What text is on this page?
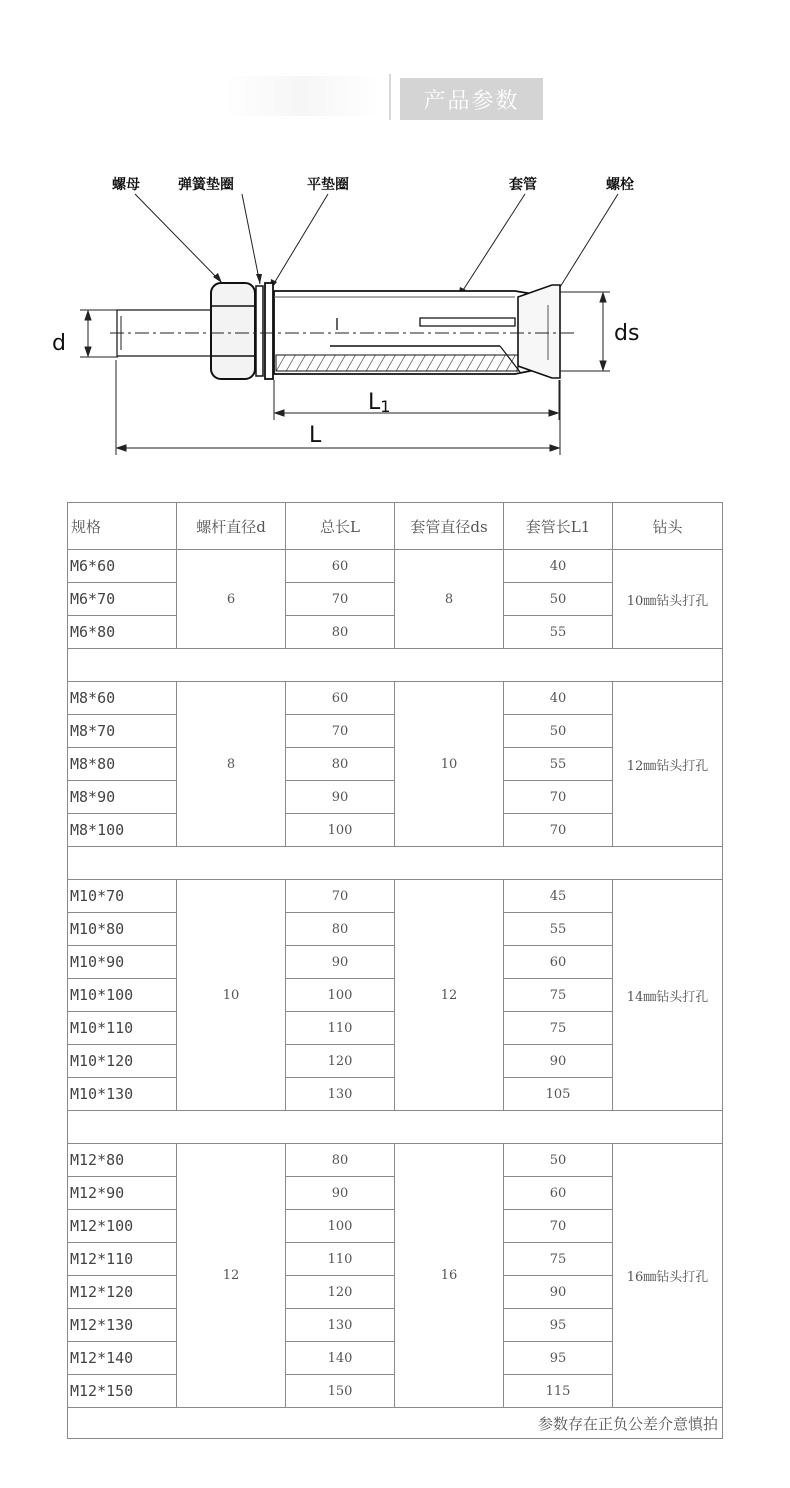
产品参数
螺母	弹簧垫圈	平垫圈	套管	螺栓
d	ds
L1
L
规格	螺杆直径d	总长L	套管直径ds	套管长L1	钻头
M6*60	6	60	8	40	10㎜钻头打孔
M6*70		70		50	
M6*80		80		55	

M8*60	8	60	10	40	12㎜钻头打孔
M8*70		70		50	
M8*80		80		55	
M8*90		90		70	
M8*100		100		70	

M10*70	10	70	12	45	14㎜钻头打孔
M10*80		80		55	
M10*90		90		60	
M10*100		100		75	
M10*110		110		75	
M10*120		120		90	
M10*130		130		105	

M12*80	12	80	16	50	16㎜钻头打孔
M12*90		90		60	
M12*100		100		70	
M12*110		110		75	
M12*120		120		90	
M12*130		130		95	
M12*140		140		95	
M12*150		150		115	
参数存在正负公差介意慎拍					
